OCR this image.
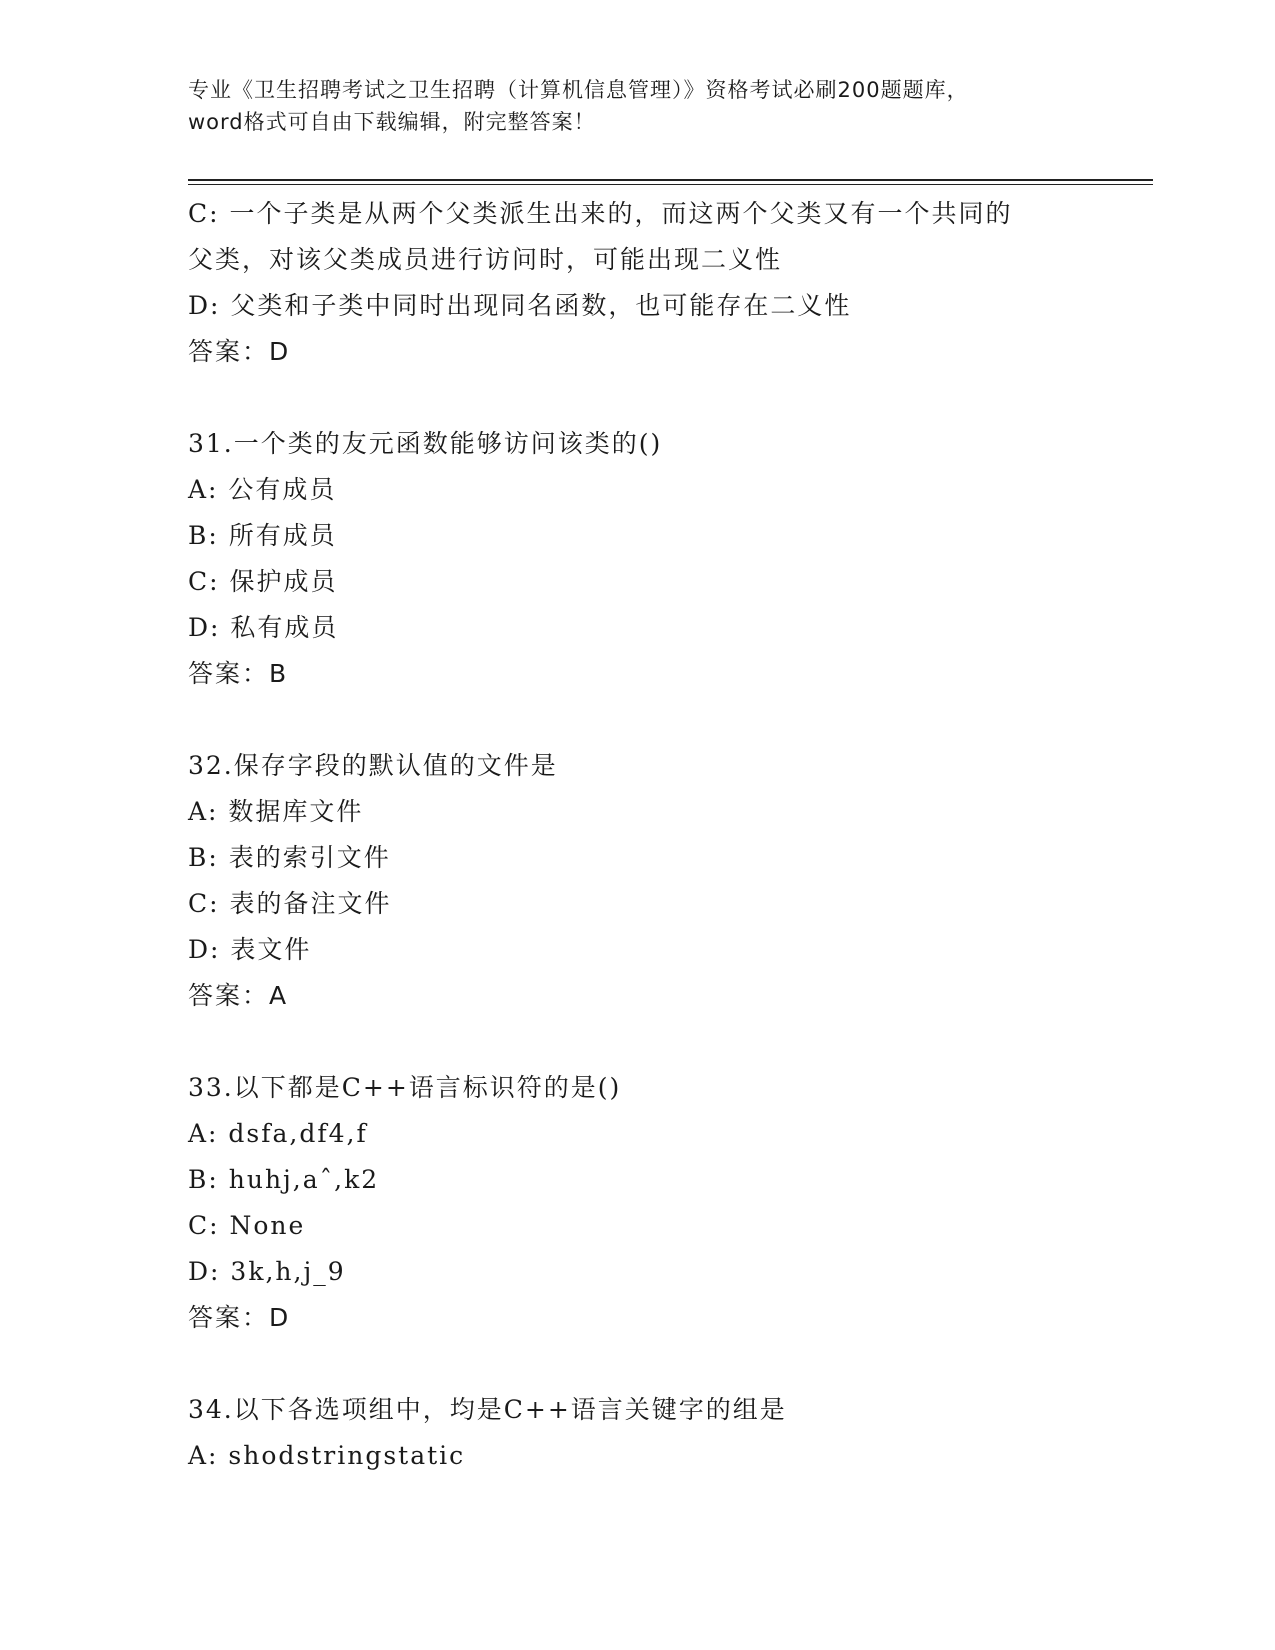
专业《卫生招聘考试之卫生招聘（计算机信息管理）》资格考试必刷200题题库，
word格式可自由下载编辑，附完整答案！
C: 一个子类是从两个父类派生出来的，而这两个父类又有一个共同的
父类，对该父类成员进行访问时，可能出现二义性
D: 父类和子类中同时出现同名函数，也可能存在二义性
答案：D
31.一个类的友元函数能够访问该类的()
A: 公有成员
B: 所有成员
C: 保护成员
D: 私有成员
答案：B
32.保存字段的默认值的文件是
A: 数据库文件
B: 表的索引文件
C: 表的备注文件
D: 表文件
答案：A
33.以下都是C++语言标识符的是()
A: dsfa,df4,f
B: huhj,aˆ,k2
C: None
D: 3k,h,j_9
答案：D
34.以下各选项组中，均是C++语言关键字的组是
A: shodstringstatic
